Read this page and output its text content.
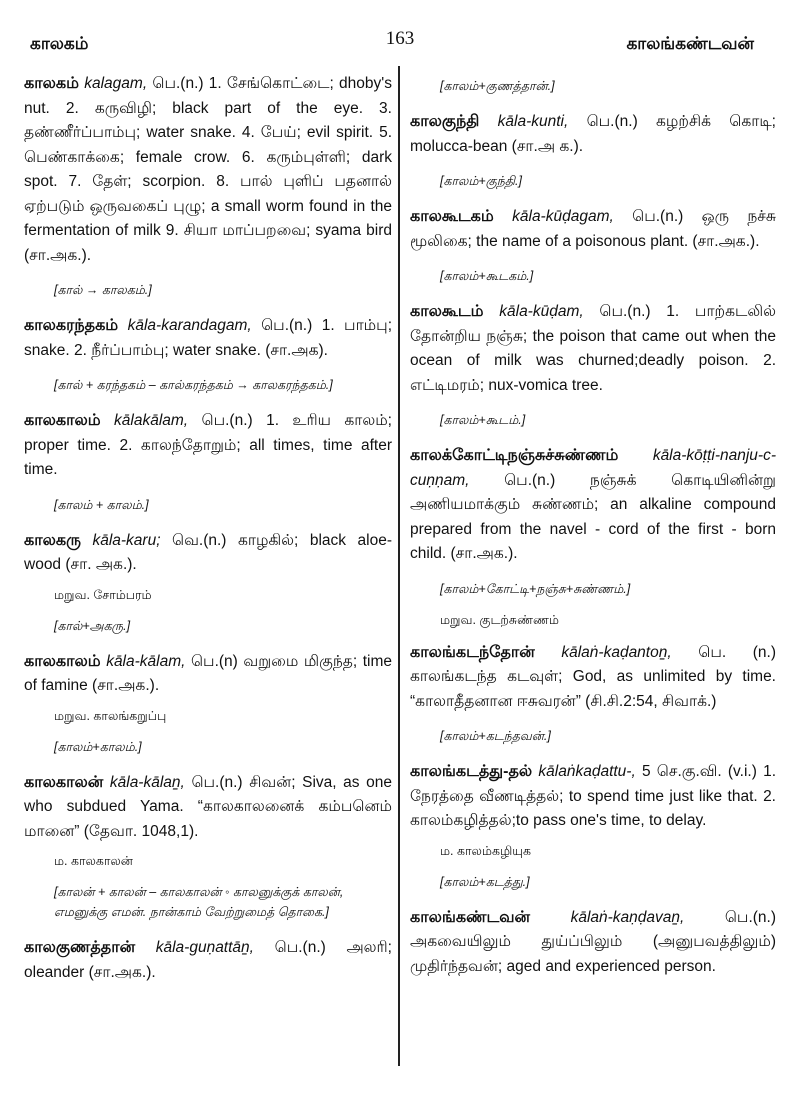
காலகம்	163	காலங்கண்டவன்
காலகம் kalagam, பெ.(n.) 1. சேங்கொட்டை; dhoby's nut. 2. கருவிழி; black part of the eye. 3. தண்ணீர்ப்பாம்பு; water snake. 4. பேய்; evil spirit. 5. பெண்காக்கை; female crow. 6. கரும்புள்ளி; dark spot. 7. தேள்; scorpion. 8. பால் புளிப் பதனால் ஏற்படும் ஒருவகைப் புழு; a small worm found in the fermentation of milk 9. சியா மாப்பறவை; syama bird (சா.அக.).
[கால் → காலகம்.]
காலகரந்தகம் kāla-karandagam, பெ.(n.) 1. பாம்பு; snake. 2. நீர்ப்பாம்பு; water snake. (சா.அக).
[கால் + கரந்தகம் – கால்கரந்தகம் → காலகரந்தகம்.]
காலகாலம் kālakālam, பெ.(n.) 1. உரிய காலம்; proper time. 2. காலந்தோறும்; all times, time after time.
[காலம் + காலம்.]
காலகரு kāla-karu; வெ.(n.) காழகில்; black aloe-wood (சா. அக.).
மறுவ. சோம்பரம்
[கால்+அகரு.]
காலகாலம் kāla-kālam, பெ.(n) வறுமை மிகுந்த; time of famine (சா.அக.).
மறுவ. காலங்கறுப்பு
[காலம்+காலம்.]
காலகாலன் kāla-kālaṉ, பெ.(n.) சிவன்; Siva, as one who subdued Yama. “காலகாலனைக் கம்பனெம் மானை” (தேவா. 1048,1).
ம. காலகாலன்
[காலன் + காலன் – காலகாலன் ◦ காலனுக்குக் காலன், எமனுக்கு எமன். நான்காம் வேற்றுமைத் தொகை.]
காலகுணத்தான் kāla-guṇattāṉ, பெ.(n.) அலரி; oleander (சா.அக.).
[காலம்+குணத்தான்.]
காலகுந்தி kāla-kunti, பெ.(n.) கழற்சிக் கொடி; molucca-bean (சா.அ க.).
[காலம்+குந்தி.]
காலகூடகம் kāla-kūḍagam, பெ.(n.) ஒரு நச்சு மூலிகை; the name of a poisonous plant. (சா.அக.).
[காலம்+கூடகம்.]
காலகூடம் kāla-kūḍam, பெ.(n.) 1. பாற்கடலில் தோன்றிய நஞ்சு; the poison that came out when the ocean of milk was churned;deadly poison. 2. எட்டிமரம்; nux-vomica tree.
[காலம்+கூடம்.]
காலக்கோட்டிநஞ்சுச்சுண்ணம் kāla-kōṭṭi-nanju-c-cuṇṇam, பெ.(n.) நஞ்சுக் கொடியினின்று அணியமாக்கும் சுண்ணம்; an alkaline compound prepared from the navel - cord of the first - born child. (சா.அக.).
[காலம்+கோட்டி+நஞ்சு+சுண்ணம்.]
மறுவ. குடற்சுண்ணம்
காலங்கடந்தோன் kālaṅ-kaḍantoṉ, பெ. (n.) காலங்கடந்த கடவுள்; God, as unlimited by time. “காலாதீதனான ஈசுவரன்” (சி.சி.2:54, சிவாக்.)
[காலம்+கடந்தவன்.]
காலங்கடத்து-தல் kālaṅkaḍattu-, 5 செ.கு.வி. (v.i.) 1. நேரத்தை வீணடித்தல்; to spend time just like that. 2. காலம்கழித்தல்;to pass one's time, to delay.
ம. காலம்கழியுக
[காலம்+கடத்து.]
காலங்கண்டவன்	kālaṅ-kaṇḍavaṉ, பெ.(n.) அகவையிலும் துய்ப்பிலும் (அனுபவத்திலும்) முதிர்ந்தவன்; aged and experienced person.
